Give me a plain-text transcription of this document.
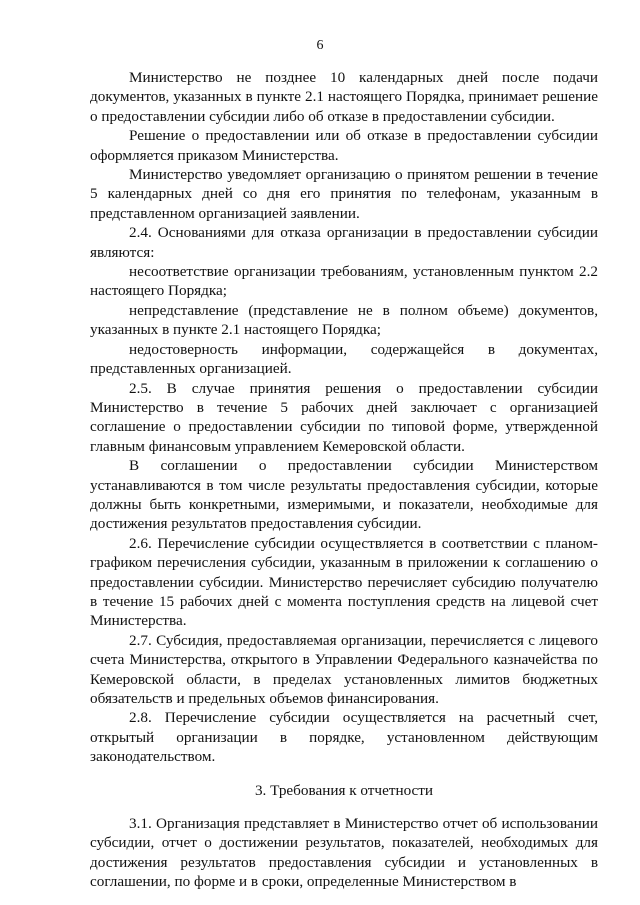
6

Министерство не позднее 10 календарных дней после подачи документов, указанных в пункте 2.1 настоящего Порядка, принимает решение о предоставлении субсидии либо об отказе в предоставлении субсидии.

Решение о предоставлении или об отказе в предоставлении субсидии оформляется приказом Министерства.

Министерство уведомляет организацию о принятом решении в течение 5 календарных дней со дня его принятия по телефонам, указанным в представленном организацией заявлении.

2.4. Основаниями для отказа организации в предоставлении субсидии являются:

несоответствие организации требованиям, установленным пунктом 2.2 настоящего Порядка;

непредставление (представление не в полном объеме) документов, указанных в пункте 2.1 настоящего Порядка;

недостоверность информации, содержащейся в документах, представленных организацией.

2.5. В случае принятия решения о предоставлении субсидии Министерство в течение 5 рабочих дней заключает с организацией соглашение о предоставлении субсидии по типовой форме, утвержденной главным финансовым управлением Кемеровской области.

В соглашении о предоставлении субсидии Министерством устанавливаются в том числе результаты предоставления субсидии, которые должны быть конкретными, измеримыми, и показатели, необходимые для достижения результатов предоставления субсидии.

2.6. Перечисление субсидии осуществляется в соответствии с планом-графиком перечисления субсидии, указанным в приложении к соглашению о предоставлении субсидии. Министерство перечисляет субсидию получателю в течение 15 рабочих дней с момента поступления средств на лицевой счет Министерства.

2.7. Субсидия, предоставляемая организации, перечисляется с лицевого счета Министерства, открытого в Управлении Федерального казначейства по Кемеровской области, в пределах установленных лимитов бюджетных обязательств и предельных объемов финансирования.

2.8. Перечисление субсидии осуществляется на расчетный счет, открытый организации в порядке, установленном действующим законодательством.

3. Требования к отчетности

3.1. Организация представляет в Министерство отчет об использовании субсидии, отчет о достижении результатов, показателей, необходимых для достижения результатов предоставления субсидии и установленных в соглашении, по форме и в сроки, определенные Министерством в
